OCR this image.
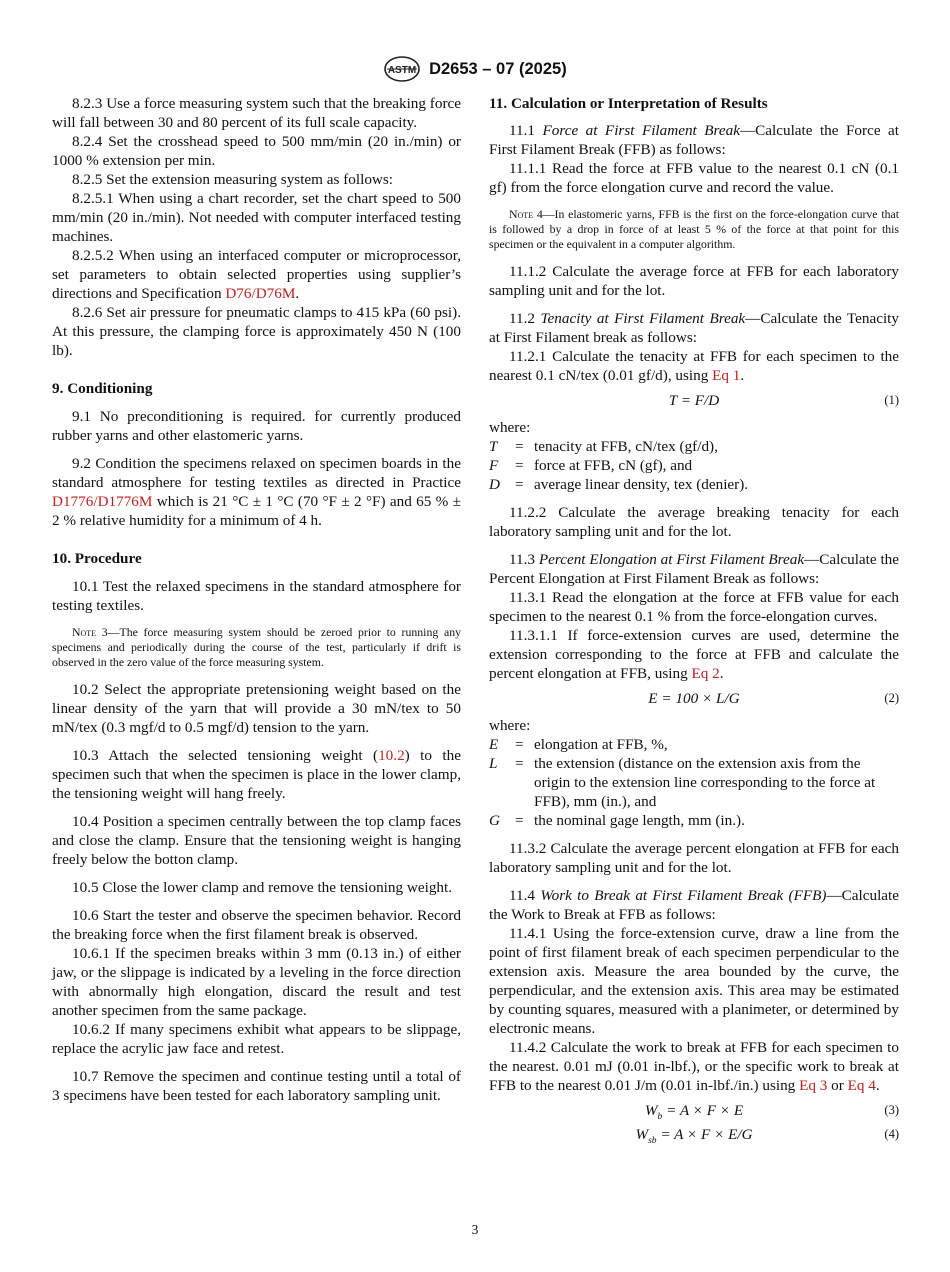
ASTM D2653 – 07 (2025)

8.2.3 Use a force measuring system such that the breaking force will fall between 30 and 80 percent of its full scale capacity.

8.2.4 Set the crosshead speed to 500 mm/min (20 in./min) or 1000 % extension per min.

8.2.5 Set the extension measuring system as follows:

8.2.5.1 When using a chart recorder, set the chart speed to 500 mm/min (20 in./min). Not needed with computer interfaced testing machines.

8.2.5.2 When using an interfaced computer or microprocessor, set parameters to obtain selected properties using supplier’s directions and Specification D76/D76M.

8.2.6 Set air pressure for pneumatic clamps to 415 kPa (60 psi). At this pressure, the clamping force is approximately 450 N (100 lb).

9. Conditioning

9.1 No preconditioning is required. for currently produced rubber yarns and other elastomeric yarns.

9.2 Condition the specimens relaxed on specimen boards in the standard atmosphere for testing textiles as directed in Practice D1776/D1776M which is 21 °C ± 1 °C (70 °F ± 2 °F) and 65 % ± 2 % relative humidity for a minimum of 4 h.

10. Procedure

10.1 Test the relaxed specimens in the standard atmosphere for testing textiles.

Note 3—The force measuring system should be zeroed prior to running any specimens and periodically during the course of the test, particularly if drift is observed in the zero value of the force measuring system.

10.2 Select the appropriate pretensioning weight based on the linear density of the yarn that will provide a 30 mN/tex to 50 mN/tex (0.3 mgf/d to 0.5 mgf/d) tension to the yarn.

10.3 Attach the selected tensioning weight (10.2) to the specimen such that when the specimen is place in the lower clamp, the tensioning weight will hang freely.

10.4 Position a specimen centrally between the top clamp faces and close the clamp. Ensure that the tensioning weight is hanging freely below the botton clamp.

10.5 Close the lower clamp and remove the tensioning weight.

10.6 Start the tester and observe the specimen behavior. Record the breaking force when the first filament break is observed.

10.6.1 If the specimen breaks within 3 mm (0.13 in.) of either jaw, or the slippage is indicated by a leveling in the force direction with abnormally high elongation, discard the result and test another specimen from the same package.

10.6.2 If many specimens exhibit what appears to be slippage, replace the acrylic jaw face and retest.

10.7 Remove the specimen and continue testing until a total of 3 specimens have been tested for each laboratory sampling unit.

11. Calculation or Interpretation of Results

11.1 Force at First Filament Break—Calculate the Force at First Filament Break (FFB) as follows:

11.1.1 Read the force at FFB value to the nearest 0.1 cN (0.1 gf) from the force elongation curve and record the value.

Note 4—In elastomeric yarns, FFB is the first on the force-elongation curve that is followed by a drop in force of at least 5 % of the force at that point for this specimen or the equivalent in a computer algorithm.

11.1.2 Calculate the average force at FFB for each laboratory sampling unit and for the lot.

11.2 Tenacity at First Filament Break—Calculate the Tenacity at First Filament break as follows:

11.2.1 Calculate the tenacity at FFB for each specimen to the nearest 0.1 cN/tex (0.01 gf/d), using Eq 1.

T = F/D	(1)

where:

T	= tenacity at FFB, cN/tex (gf/d),
F	= force at FFB, cN (gf), and
D = average linear density, tex (denier).

11.2.2 Calculate the average breaking tenacity for each laboratory sampling unit and for the lot.

11.3 Percent Elongation at First Filament Break—Calculate the Percent Elongation at First Filament Break as follows:

11.3.1 Read the elongation at the force at FFB value for each specimen to the nearest 0.1 % from the force-elongation curves.

11.3.1.1 If force-extension curves are used, determine the extension corresponding to the force at FFB and calculate the percent elongation at FFB, using Eq 2.

E = 100 × L/G	(2)

where:

E	= elongation at FFB, %,
L	= the extension (distance on the extension axis from the origin to the extension line corresponding to the force at FFB), mm (in.), and
G = the nominal gage length, mm (in.).

11.3.2 Calculate the average percent elongation at FFB for each laboratory sampling unit and for the lot.

11.4 Work to Break at First Filament Break (FFB)—Calculate the Work to Break at FFB as follows:

11.4.1 Using the force-extension curve, draw a line from the point of first filament break of each specimen perpendicular to the extension axis. Measure the area bounded by the curve, the perpendicular, and the extension axis. This area may be estimated by counting squares, measured with a planimeter, or determined by electronic means.

11.4.2 Calculate the work to break at FFB for each specimen to the nearest. 0.01 mJ (0.01 in-lbf.), or the specific work to break at FFB to the nearest 0.01 J/m (0.01 in-lbf./in.) using Eq 3 or Eq 4.

$W_b = A \times F \times E$	(3)
$W_{sb} = A \times F \times E/G$	(4)
3
